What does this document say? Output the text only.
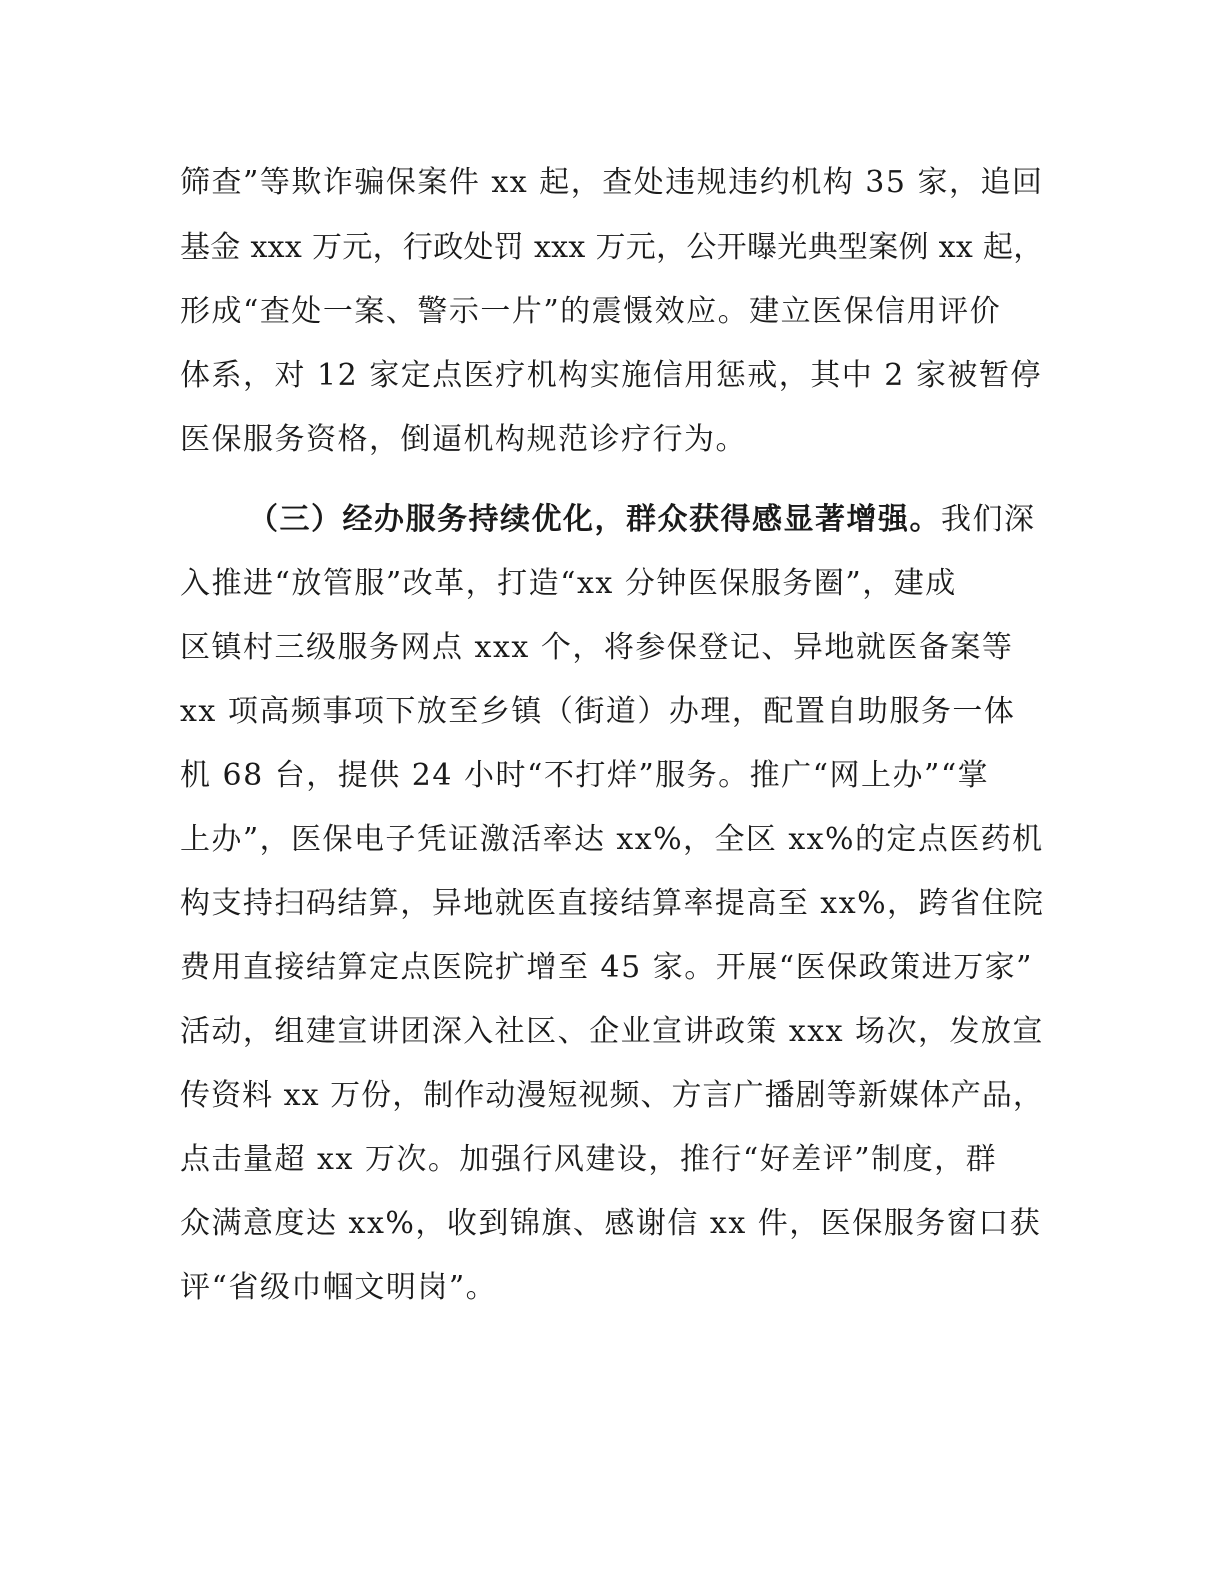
筛查”等欺诈骗保案件 xx 起，查处违规违约机构 35 家，追回
基金 xxx 万元，行政处罚 xxx 万元，公开曝光典型案例 xx 起，
形成“查处一案、警示一片”的震慑效应。建立医保信用评价
体系，对 12 家定点医疗机构实施信用惩戒，其中 2 家被暂停
医保服务资格，倒逼机构规范诊疗行为。
（三）经办服务持续优化，群众获得感显著增强。我们深
入推进“放管服”改革，打造“xx 分钟医保服务圈”，建成
区镇村三级服务网点 xxx 个，将参保登记、异地就医备案等
xx 项高频事项下放至乡镇（街道）办理，配置自助服务一体
机 68 台，提供 24 小时“不打烊”服务。推广“网上办”“掌
上办”，医保电子凭证激活率达 xx%，全区 xx%的定点医药机
构支持扫码结算，异地就医直接结算率提高至 xx%，跨省住院
费用直接结算定点医院扩增至 45 家。开展“医保政策进万家”
活动，组建宣讲团深入社区、企业宣讲政策 xxx 场次，发放宣
传资料 xx 万份，制作动漫短视频、方言广播剧等新媒体产品，
点击量超 xx 万次。加强行风建设，推行“好差评”制度，群
众满意度达 xx%，收到锦旗、感谢信 xx 件，医保服务窗口获
评“省级巾帼文明岗”。
